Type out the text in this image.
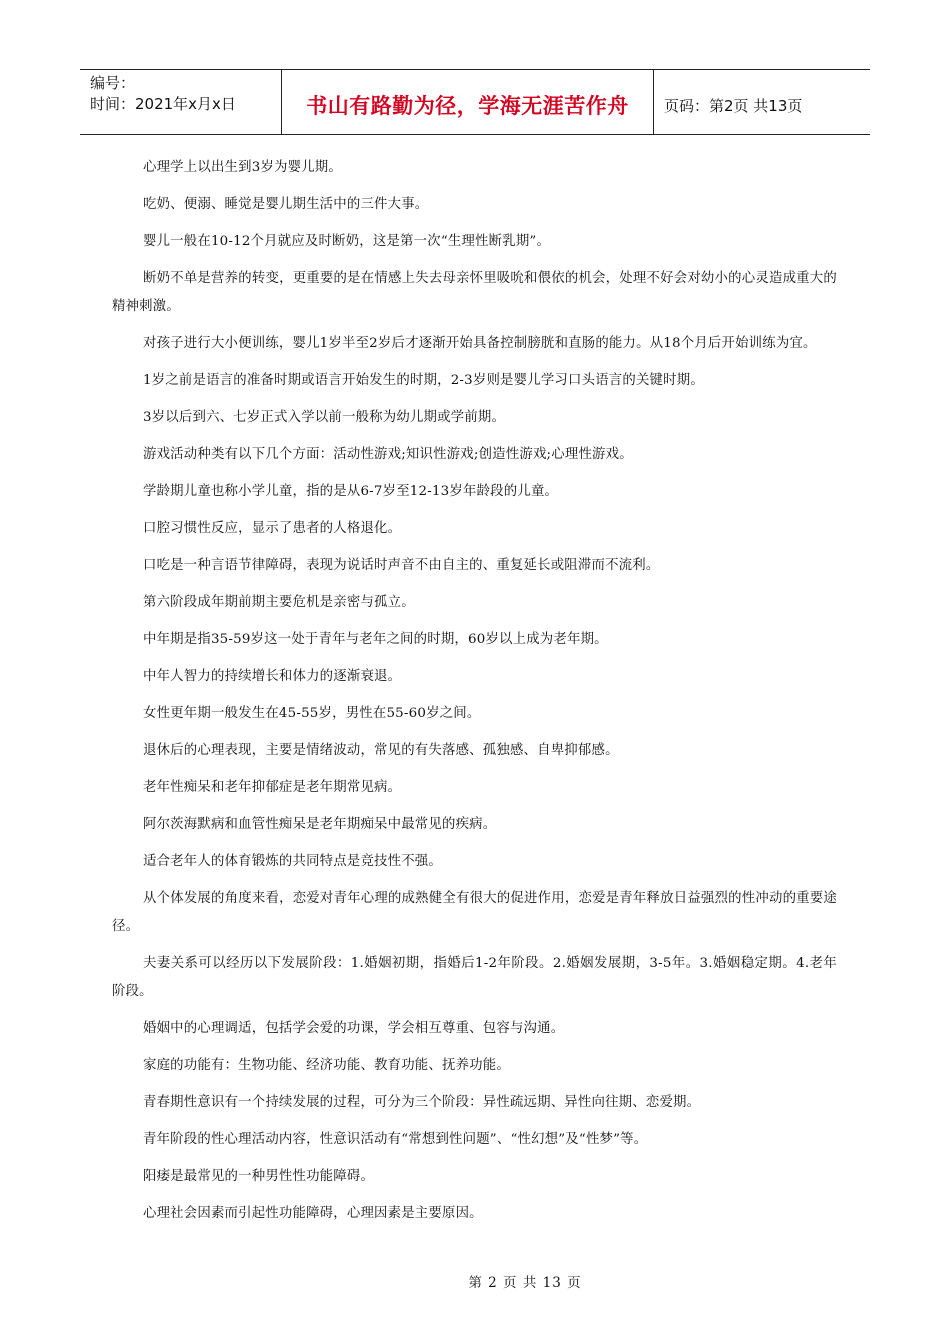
编号：
时间：2021年x月x日	书山有路勤为径，学海无涯苦作舟	页码：第2页 共13页

心理学上以出生到3岁为婴儿期。

吃奶、便溺、睡觉是婴儿期生活中的三件大事。

婴儿一般在10-12个月就应及时断奶，这是第一次“生理性断乳期”。

断奶不单是营养的转变，更重要的是在情感上失去母亲怀里吸吮和偎依的机会，处理不好会对幼小的心灵造成重大的精神刺激。

对孩子进行大小便训练，婴儿1岁半至2岁后才逐渐开始具备控制膀胱和直肠的能力。从18个月后开始训练为宜。

1岁之前是语言的准备时期或语言开始发生的时期，2-3岁则是婴儿学习口头语言的关键时期。

3岁以后到六、七岁正式入学以前一般称为幼儿期或学前期。

游戏活动种类有以下几个方面：活动性游戏;知识性游戏;创造性游戏;心理性游戏。

学龄期儿童也称小学儿童，指的是从6-7岁至12-13岁年龄段的儿童。

口腔习惯性反应，显示了患者的人格退化。

口吃是一种言语节律障碍，表现为说话时声音不由自主的、重复延长或阻滞而不流利。

第六阶段成年期前期主要危机是亲密与孤立。

中年期是指35-59岁这一处于青年与老年之间的时期，60岁以上成为老年期。

中年人智力的持续增长和体力的逐渐衰退。

女性更年期一般发生在45-55岁，男性在55-60岁之间。

退休后的心理表现，主要是情绪波动，常见的有失落感、孤独感、自卑抑郁感。

老年性痴呆和老年抑郁症是老年期常见病。

阿尔茨海默病和血管性痴呆是老年期痴呆中最常见的疾病。

适合老年人的体育锻炼的共同特点是竞技性不强。

从个体发展的角度来看，恋爱对青年心理的成熟健全有很大的促进作用，恋爱是青年释放日益强烈的性冲动的重要途径。

夫妻关系可以经历以下发展阶段：1.婚姻初期，指婚后1-2年阶段。2.婚姻发展期，3-5年。3.婚姻稳定期。4.老年阶段。

婚姻中的心理调适，包括学会爱的功课，学会相互尊重、包容与沟通。

家庭的功能有：生物功能、经济功能、教育功能、抚养功能。

青春期性意识有一个持续发展的过程，可分为三个阶段：异性疏远期、异性向往期、恋爱期。

青年阶段的性心理活动内容，性意识活动有“常想到性问题”、“性幻想”及“性梦”等。

阳痿是最常见的一种男性性功能障碍。

心理社会因素而引起性功能障碍，心理因素是主要原因。

第 2 页 共 13 页
